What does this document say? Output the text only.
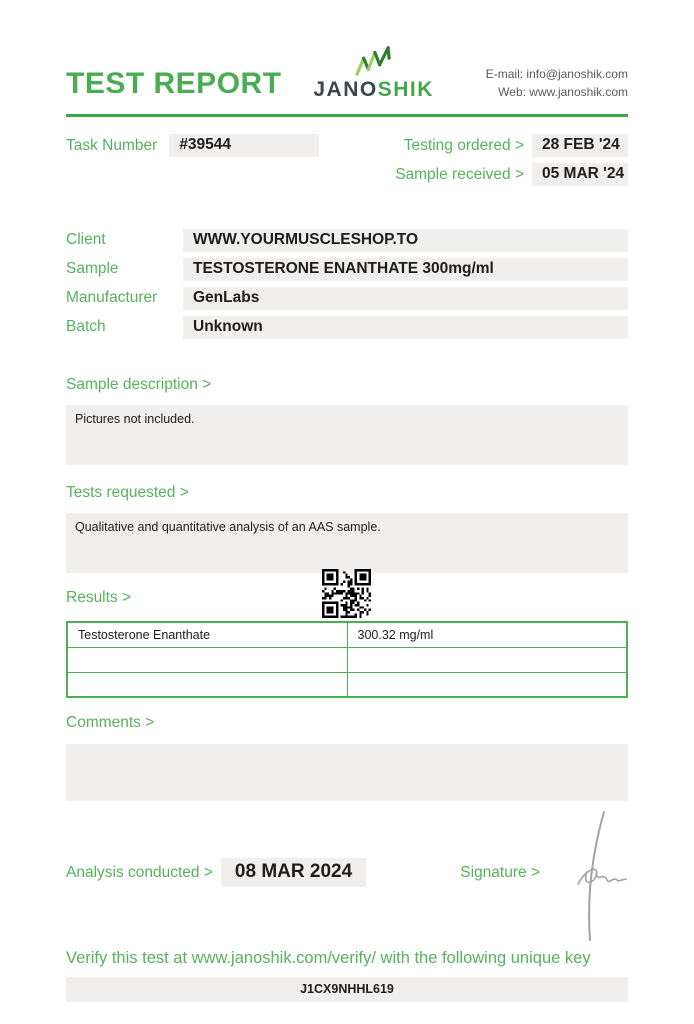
TEST REPORT JANOSHIK
E-mail: info@janoshik.com
Web: www.janoshik.com
Task Number	#39544	Testing ordered >	28 FEB '24
Sample received >	05 MAR '24
Client	WWW.YOURMUSCLESHOP.TO
Sample	TESTOSTERONE ENANTHATE 300mg/ml
Manufacturer	GenLabs
Batch	Unknown
Sample description >
Pictures not included.
Tests requested >
Qualitative and quantitative analysis of an AAS sample.
Results >
Testosterone Enanthate	300.32 mg/ml

Comments >
Analysis conducted >	08 MAR 2024	Signature >
Verify this test at www.janoshik.com/verify/ with the following unique key
J1CX9NHHL619
